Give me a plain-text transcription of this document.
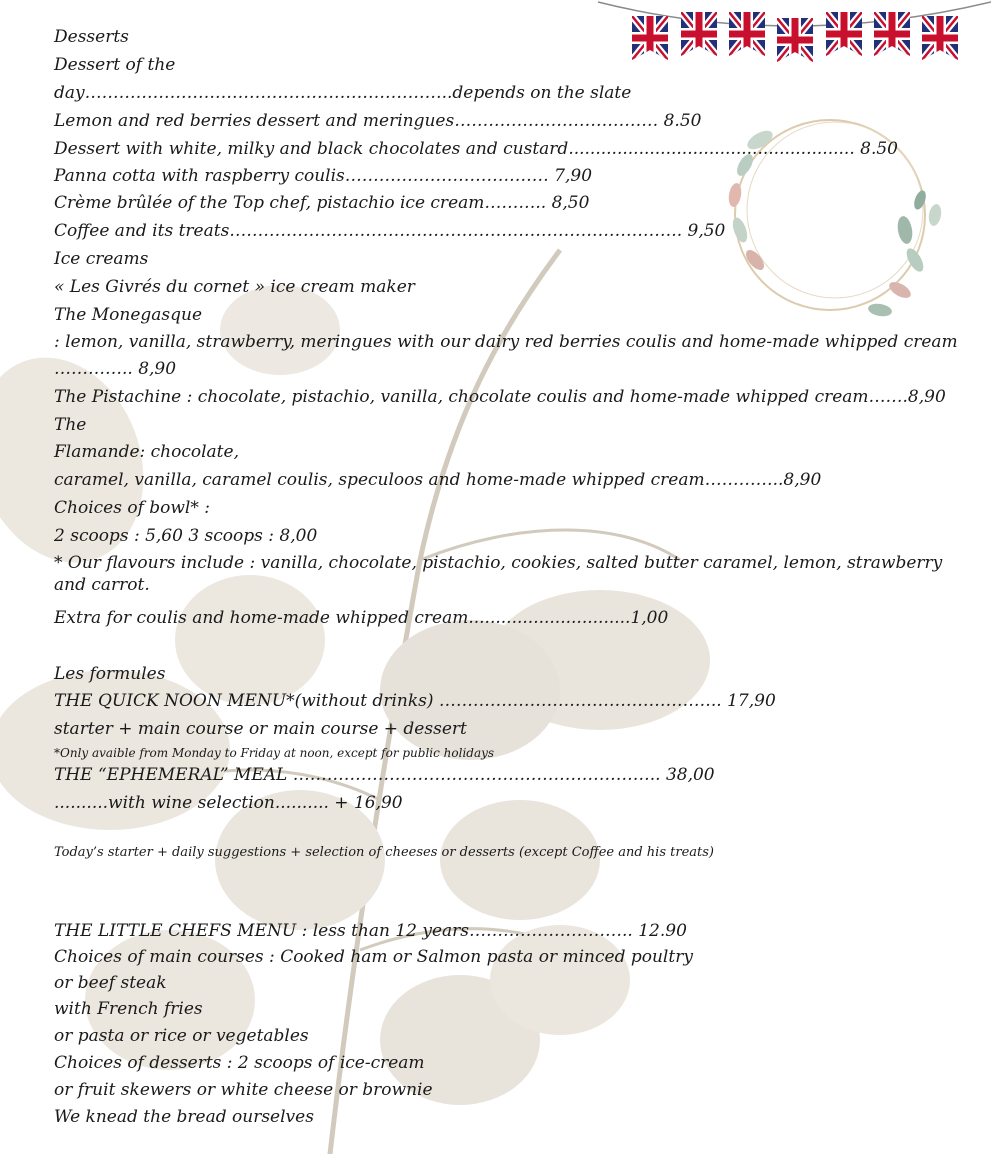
Desserts
Dessert of the
day………………………………………………………..depends on the slate
Lemon and red berries dessert and meringues……………………………… 8.50
Dessert with white, milky and black chocolates and custard..................................................... 8.50
Panna cotta with raspberry coulis……………………………… 7,90
Crème brûlée of the Top chef, pistachio ice cream……….. 8,50
Coffee and its treats…………………………………………………………………….. 9,50
Ice creams
« Les Givrés du cornet » ice cream maker
The Monegasque
: lemon, vanilla, strawberry, meringues with our dairy red berries coulis and home-made whipped cream
………….. 8,90
The Pistachine : chocolate, pistachio, vanilla, chocolate coulis and home-made whipped cream…….8,90
The
Flamande: chocolate,
caramel, vanilla, caramel coulis, speculoos and home-made whipped cream…………..8,90
Choices of bowl* :
2 scoops : 5,60 3 scoops : 8,00
* Our flavours include : vanilla, chocolate, pistachio, cookies, salted butter caramel, lemon, strawberry and carrot.
Extra for coulis and home-made whipped cream..............................1,00
Les formules
THE QUICK NOON MENU*(without drinks) ………………………………………….. 17,90
starter + main course or main course + dessert
*Only avaible from Monday to Friday at noon, except for public holidays
THE “EPHEMERAL” MEAL ……………………………………………………….. 38,00
..........with wine selection.......... + 16,90
Today’s starter + daily suggestions + selection of cheeses or desserts (except Coffee and his treats)
THE LITTLE CHEFS MENU : less than 12 years……………………….. 12.90
Choices of main courses : Cooked ham or Salmon pasta or minced poultry
or beef steak
with French fries
or pasta or rice or vegetables
Choices of desserts : 2 scoops of ice-cream
or fruit skewers or white cheese or brownie
We knead the bread ourselves
